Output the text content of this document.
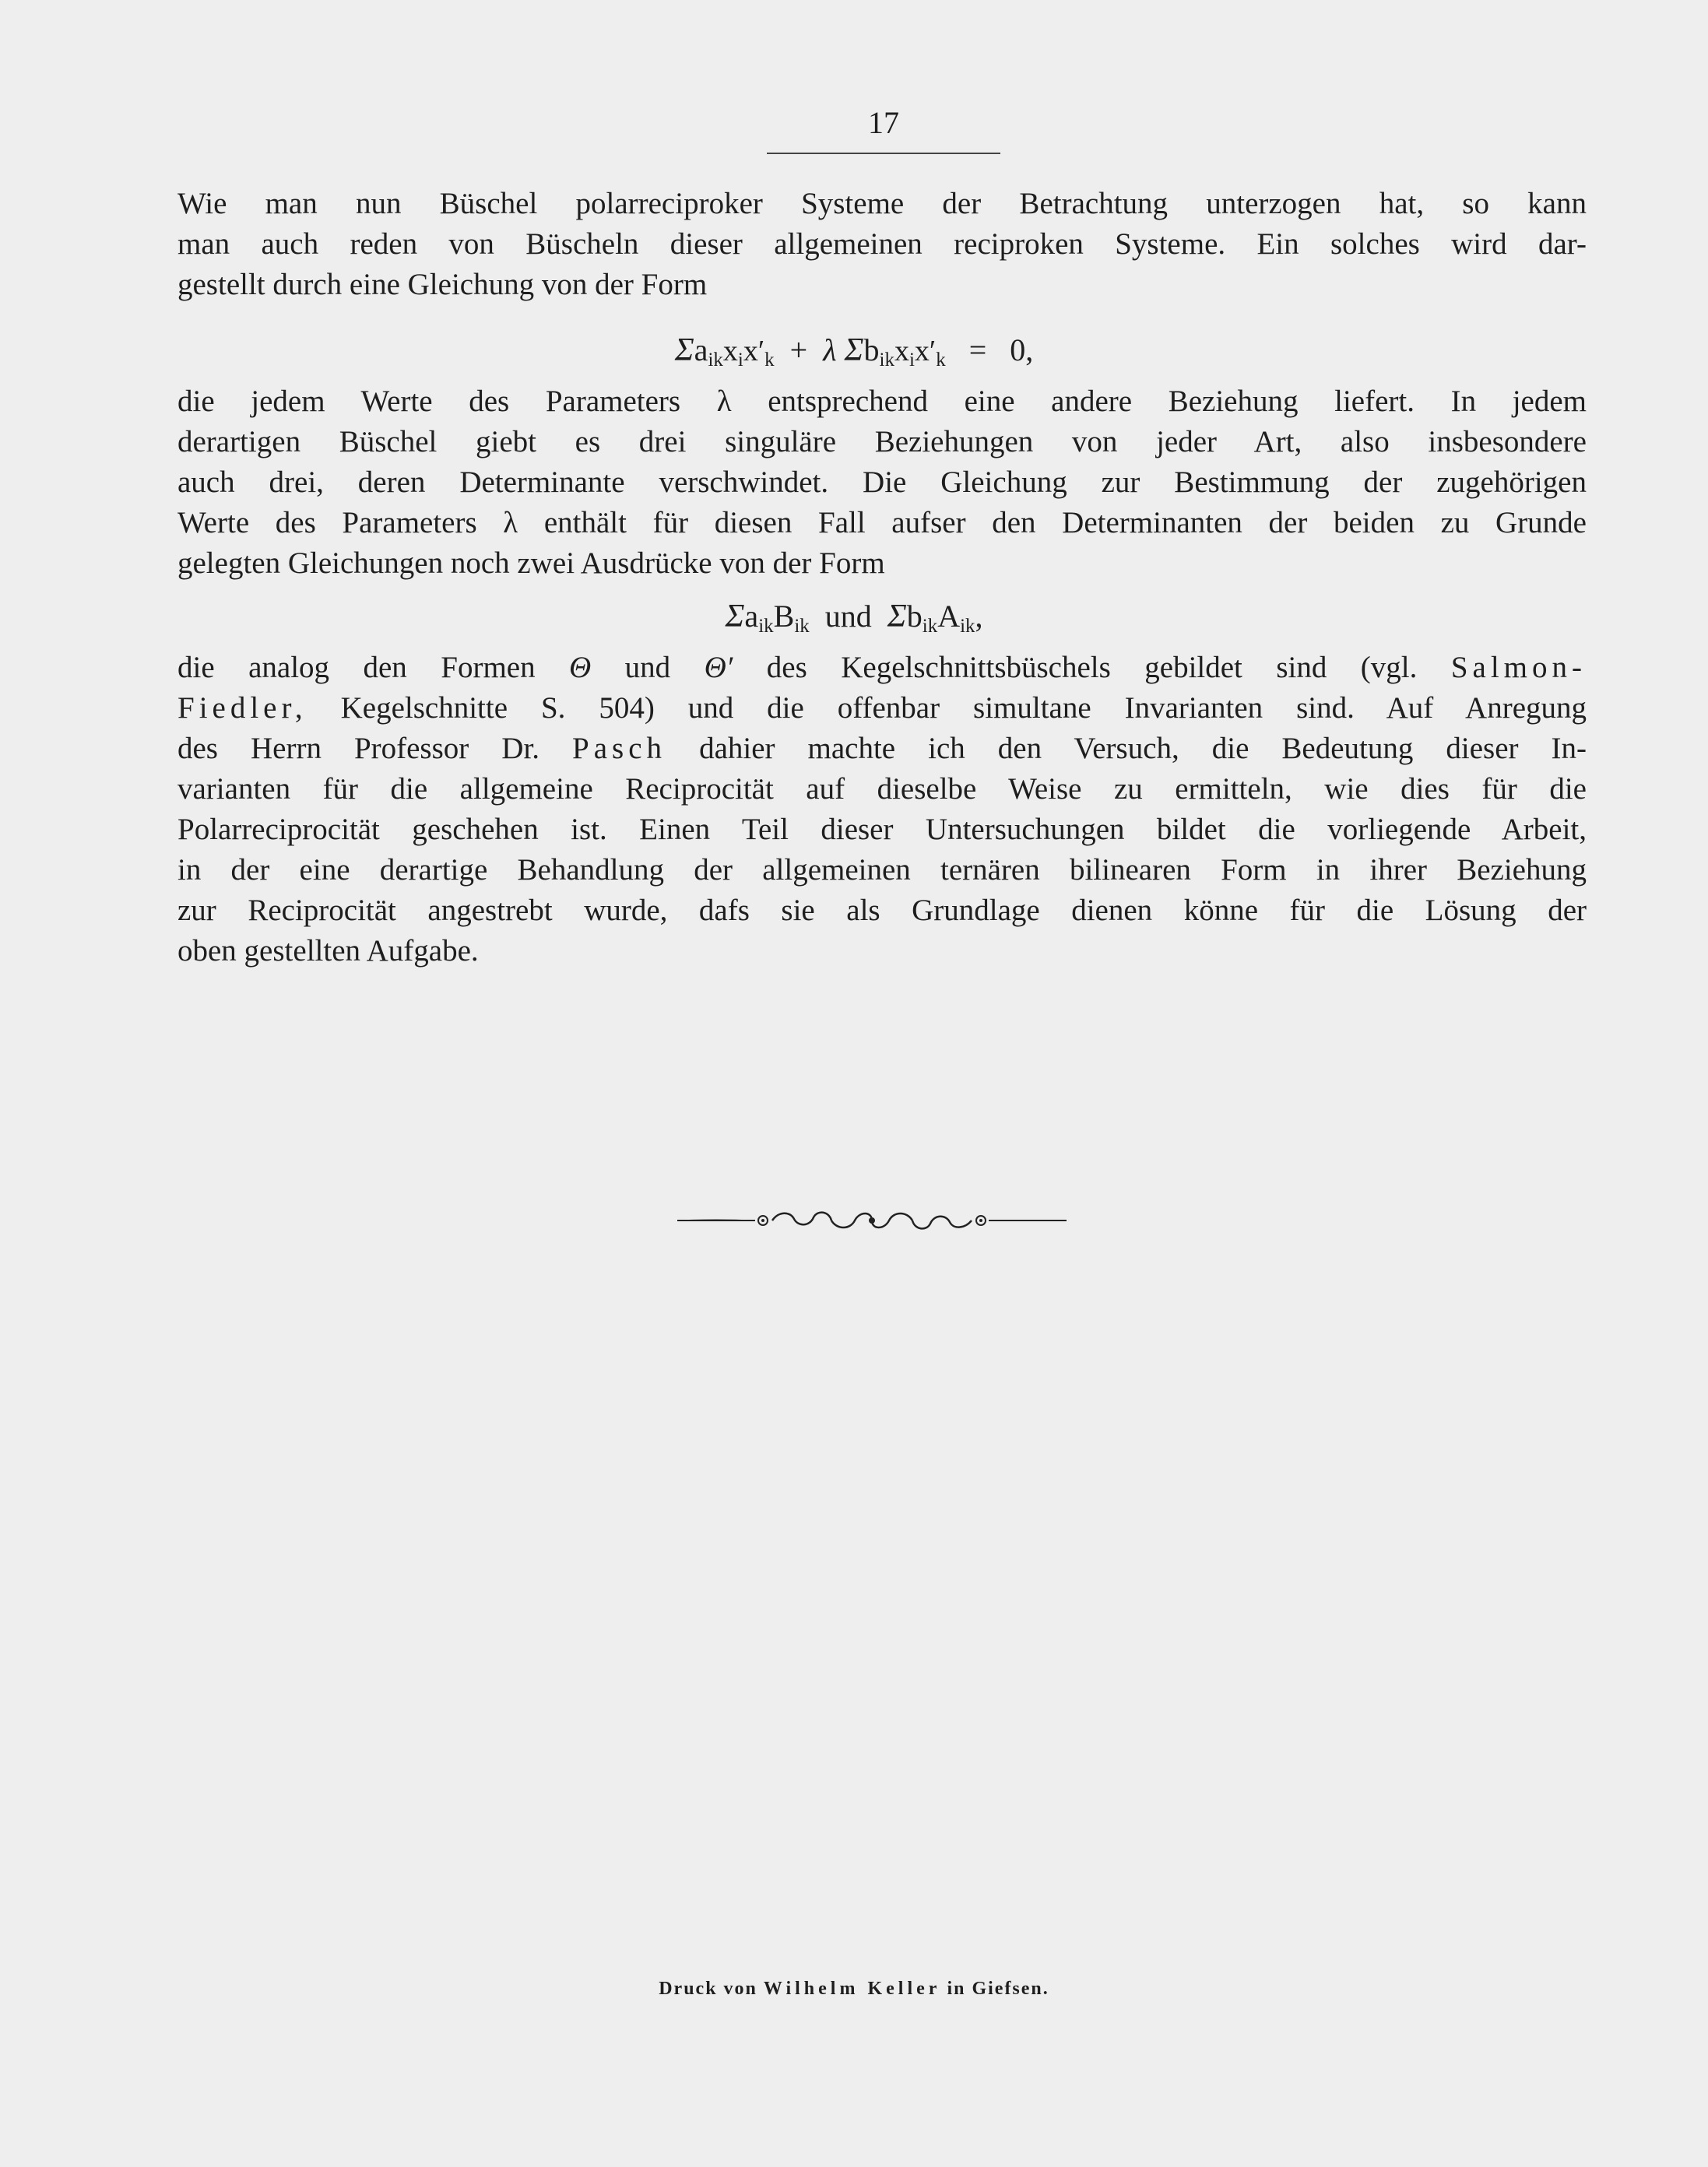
17
Wie man nun Büschel polarreciproker Systeme der Betrachtung unterzogen hat, so kann
man auch reden von Büscheln dieser allgemeinen reciproken Systeme. Ein solches wird dar-
gestellt durch eine Gleichung von der Form
$\Sigma a_{ik}x_ix'_k + \lambda$ $\Sigma b_{ik}x_ix'_k = 0$,
die jedem Werte des Parameters λ entsprechend eine andere Beziehung liefert. In jedem
derartigen Büschel giebt es drei singuläre Beziehungen von jeder Art, also insbesondere
auch drei, deren Determinante verschwindet. Die Gleichung zur Bestimmung der zugehörigen
Werte des Parameters λ enthält für diesen Fall aufser den Determinanten der beiden zu Grunde
gelegten Gleichungen noch zwei Ausdrücke von der Form
$\Sigma a_{ik}B_{ik}$ und $\Sigma b_{ik}A_{ik}$,
die analog den Formen Θ und Θ′ des Kegelschnittsbüschels gebildet sind (vgl. Salmon-
Fiedler, Kegelschnitte S. 504) und die offenbar simultane Invarianten sind. Auf Anregung
des Herrn Professor Dr. Pasch dahier machte ich den Versuch, die Bedeutung dieser In-
varianten für die allgemeine Reciprocität auf dieselbe Weise zu ermitteln, wie dies für die
Polarreciprocität geschehen ist. Einen Teil dieser Untersuchungen bildet die vorliegende Arbeit,
in der eine derartige Behandlung der allgemeinen ternären bilinearen Form in ihrer Beziehung
zur Reciprocität angestrebt wurde, dafs sie als Grundlage dienen könne für die Lösung der
oben gestellten Aufgabe.
Druck von Wilhelm Keller in Giefsen.
